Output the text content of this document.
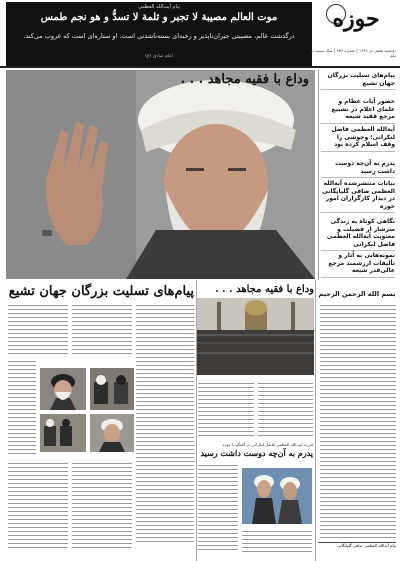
پیام آیت‌الله العظمی
موت العالم مصيبة لا تجبر و ثلمة لا تسدُّ و هو نجم طمس
درگذشت عالم، مصیبتی جبران‌ناپذیر و رخنه‌ای بسته‌ناشدنی است. او ستاره‌ای است که غروب می‌کند.
امام صادق (ع)
حوزه
دوشنبه هفتم دی ۱۳۹۴ | شماره ۴۵۷ | سال بیست و یکم
وداع با فقیه مجاهد . . .	پیام‌های تسلیت بزرگان جهان تشیع
حضور آیات عظام و علمای اعلام در تشییع مرجع فقید شیعه
آیةالله العظمی فاضل لنکرانی؛ وحوشی را وقف اسلام کرده بود
پدرم به آن‌چه دوست داشت رسید
بیانات منتشرشده آیةالله العظمی صافی گلپایگانی در دیدار کارگزاران امور حوزه
نگاهی کوتاه به زندگی سرشار از فضیلت و معنویت آیةالله العظمی فاضل لنکرانی
نمونه‌هایی به آثار و تألیفات ارزشمند مرجع عالی‌قدر شیعه
پیام‌های تسلیت بزرگان جهان تشیع	وداع با فقیه مجاهد . . .
فرزند آیت‌الله العظمی فاضل لنکرانی در گفتگو با حوزه
پدرم به آن‌چه دوست داشت رسید
بسم الله الرحمن الرحیم
پیام آیةالله العظمی صافی گلپایگانی
